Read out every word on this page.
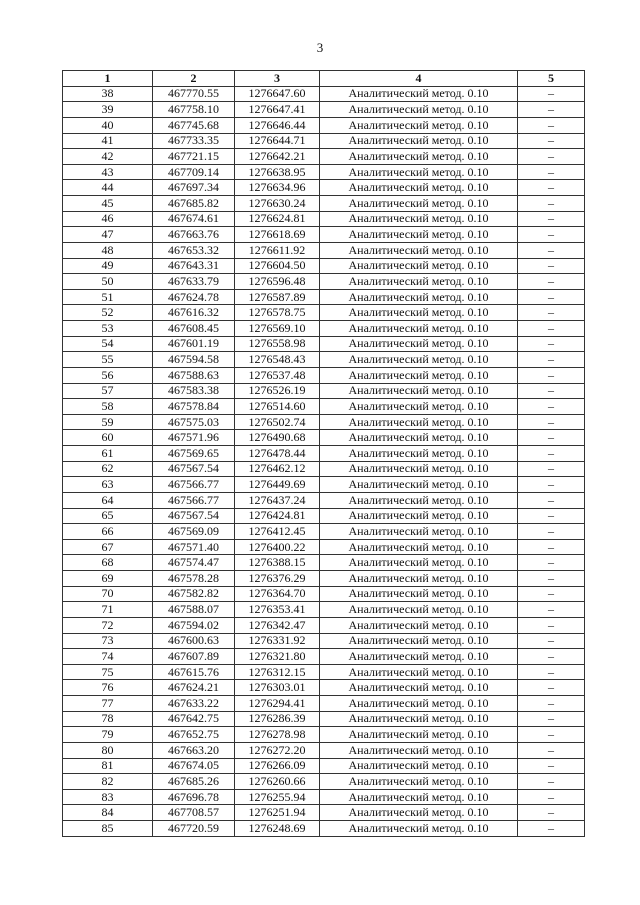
3
1	2	3	4	5
38	467770.55	1276647.60	Аналитический метод. 0.10	–
39	467758.10	1276647.41	Аналитический метод. 0.10	–
40	467745.68	1276646.44	Аналитический метод. 0.10	–
41	467733.35	1276644.71	Аналитический метод. 0.10	–
42	467721.15	1276642.21	Аналитический метод. 0.10	–
43	467709.14	1276638.95	Аналитический метод. 0.10	–
44	467697.34	1276634.96	Аналитический метод. 0.10	–
45	467685.82	1276630.24	Аналитический метод. 0.10	–
46	467674.61	1276624.81	Аналитический метод. 0.10	–
47	467663.76	1276618.69	Аналитический метод. 0.10	–
48	467653.32	1276611.92	Аналитический метод. 0.10	–
49	467643.31	1276604.50	Аналитический метод. 0.10	–
50	467633.79	1276596.48	Аналитический метод. 0.10	–
51	467624.78	1276587.89	Аналитический метод. 0.10	–
52	467616.32	1276578.75	Аналитический метод. 0.10	–
53	467608.45	1276569.10	Аналитический метод. 0.10	–
54	467601.19	1276558.98	Аналитический метод. 0.10	–
55	467594.58	1276548.43	Аналитический метод. 0.10	–
56	467588.63	1276537.48	Аналитический метод. 0.10	–
57	467583.38	1276526.19	Аналитический метод. 0.10	–
58	467578.84	1276514.60	Аналитический метод. 0.10	–
59	467575.03	1276502.74	Аналитический метод. 0.10	–
60	467571.96	1276490.68	Аналитический метод. 0.10	–
61	467569.65	1276478.44	Аналитический метод. 0.10	–
62	467567.54	1276462.12	Аналитический метод. 0.10	–
63	467566.77	1276449.69	Аналитический метод. 0.10	–
64	467566.77	1276437.24	Аналитический метод. 0.10	–
65	467567.54	1276424.81	Аналитический метод. 0.10	–
66	467569.09	1276412.45	Аналитический метод. 0.10	–
67	467571.40	1276400.22	Аналитический метод. 0.10	–
68	467574.47	1276388.15	Аналитический метод. 0.10	–
69	467578.28	1276376.29	Аналитический метод. 0.10	–
70	467582.82	1276364.70	Аналитический метод. 0.10	–
71	467588.07	1276353.41	Аналитический метод. 0.10	–
72	467594.02	1276342.47	Аналитический метод. 0.10	–
73	467600.63	1276331.92	Аналитический метод. 0.10	–
74	467607.89	1276321.80	Аналитический метод. 0.10	–
75	467615.76	1276312.15	Аналитический метод. 0.10	–
76	467624.21	1276303.01	Аналитический метод. 0.10	–
77	467633.22	1276294.41	Аналитический метод. 0.10	–
78	467642.75	1276286.39	Аналитический метод. 0.10	–
79	467652.75	1276278.98	Аналитический метод. 0.10	–
80	467663.20	1276272.20	Аналитический метод. 0.10	–
81	467674.05	1276266.09	Аналитический метод. 0.10	–
82	467685.26	1276260.66	Аналитический метод. 0.10	–
83	467696.78	1276255.94	Аналитический метод. 0.10	–
84	467708.57	1276251.94	Аналитический метод. 0.10	–
85	467720.59	1276248.69	Аналитический метод. 0.10	–
